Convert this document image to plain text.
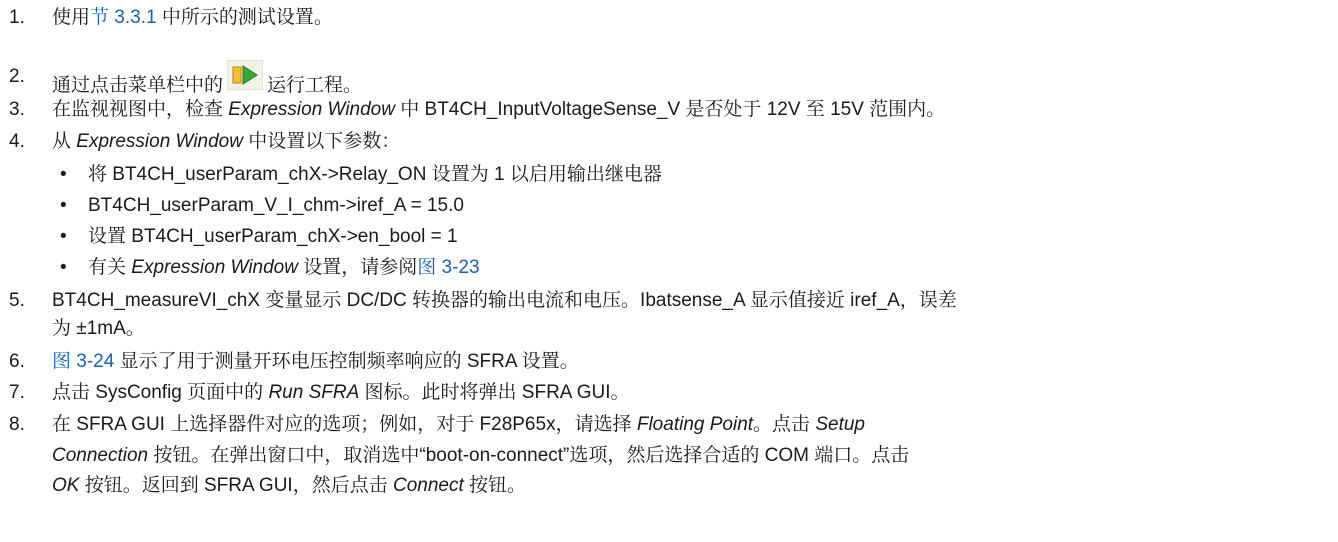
1.	使用节 3.3.1 中所示的测试设置。
2.	通过点击菜单栏中的 运行工程。
3.	在监视视图中，检查 Expression Window 中 BT4CH_InputVoltageSense_V 是否处于 12V 至 15V 范围内。
4.	从 Expression Window 中设置以下参数：
• 将 BT4CH_userParam_chX->Relay_ON 设置为 1 以启用输出继电器
• BT4CH_userParam_V_I_chm->iref_A = 15.0
• 设置 BT4CH_userParam_chX->en_bool = 1
• 有关 Expression Window 设置，请参阅图 3-23
5.	BT4CH_measureVI_chX 变量显示 DC/DC 转换器的输出电流和电压。Ibatsense_A 显示值接近 iref_A，误差
为 ±1mA。
6.	图 3-24 显示了用于测量开环电压控制频率响应的 SFRA 设置。
7.	点击 SysConfig 页面中的 Run SFRA 图标。此时将弹出 SFRA GUI。
8.	在 SFRA GUI 上选择器件对应的选项；例如，对于 F28P65x，请选择 Floating Point。点击 Setup
Connection 按钮。在弹出窗口中，取消选中“boot-on-connect”选项，然后选择合适的 COM 端口。点击
OK 按钮。返回到 SFRA GUI，然后点击 Connect 按钮。
